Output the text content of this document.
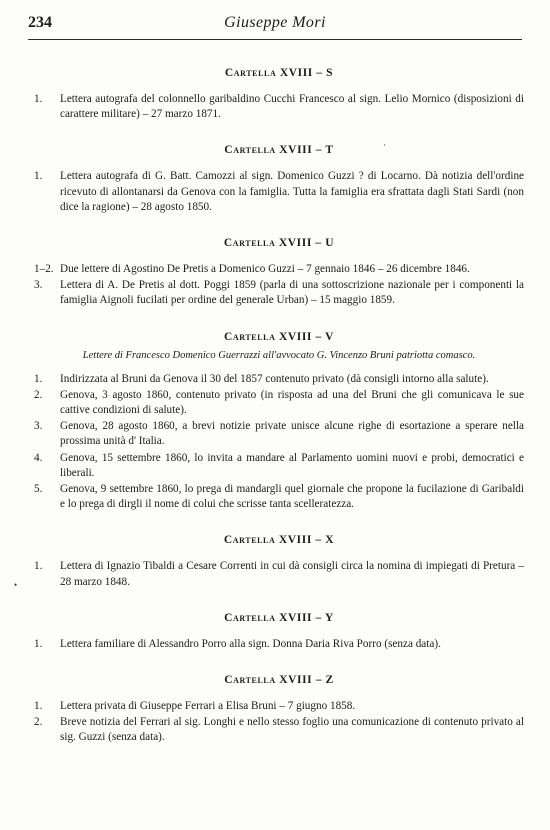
234	Giuseppe Mori
Cartella XVIII – S
1.	Lettera autografa del colonnello garibaldino Cucchi Francesco al sign. Lelio Mornico (disposizioni di carattere militare) – 27 marzo 1871.
Cartella XVIII – T
1.	Lettera autografa di G. Batt. Camozzi al sign. Domenico Guzzi ? di Locarno. Dà notizia dell'ordine ricevuto di allontanarsi da Genova con la famiglia. Tutta la famiglia era sfrattata dagli Stati Sardi (non dice la ragione) – 28 agosto 1850.
Cartella XVIII – U
1–2. Due lettere di Agostino De Pretis a Domenico Guzzi – 7 gennaio 1846 – 26 dicembre 1846.
3.	Lettera di A. De Pretis al dott. Poggi 1859 (parla di una sottoscrizione nazionale per i componenti la famiglia Aignoli fucilati per ordine del generale Urban) – 15 maggio 1859.
Cartella XVIII – V
Lettere di Francesco Domenico Guerrazzi all'avvocato G. Vincenzo Bruni patriotta comasco.
1.	Indirizzata al Bruni da Genova il 30 del 1857 contenuto privato (dà consigli intorno alla salute).
2.	Genova, 3 agosto 1860, contenuto privato (in risposta ad una del Bruni che gli comunicava le sue cattive condizioni di salute).
3.	Genova, 28 agosto 1860, a brevi notizie private unisce alcune righe di esortazione a sperare nella prossima unità d' Italia.
4.	Genova, 15 settembre 1860, lo invita a mandare al Parlamento uomini nuovi e probi, democratici e liberali.
5.	Genova, 9 settembre 1860, lo prega di mandargli quel giornale che propone la fucilazione di Garibaldi e lo prega di dirgli il nome di colui che scrisse tanta scelleratezza.
Cartella XVIII – X
1.	Lettera di Ignazio Tibaldi a Cesare Correnti in cui dà consigli circa la nomina di impiegati di Pretura – 28 marzo 1848.
Cartella XVIII – Y
1.	Lettera familiare di Alessandro Porro alla sign. Donna Daria Riva Porro (senza data).
Cartella XVIII – Z
1.	Lettera privata di Giuseppe Ferrari a Elisa Bruni – 7 giugno 1858.
2.	Breve notizia del Ferrari al sig. Longhi e nello stesso foglio una comunicazione di contenuto privato al sig. Guzzi (senza data).
•
·
